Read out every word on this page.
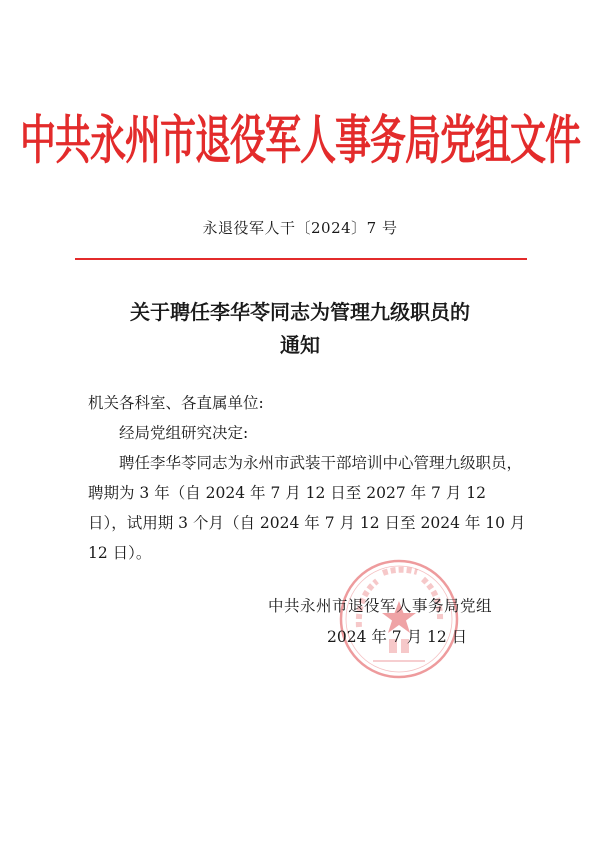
中共永州市退役军人事务局党组文件
永退役军人干〔2024〕7 号
关于聘任李华苓同志为管理九级职员的
通知

机关各科室、各直属单位:

经局党组研究决定:

聘任李华苓同志为永州市武装干部培训中心管理九级职员，聘期为 3 年（自 2024 年 7 月 12 日至 2027 年 7 月 12 日），试用期 3 个月（自 2024 年 7 月 12 日至 2024 年 10 月 12 日）。

中共永州市退役军人事务局党组
2024 年 7 月 12 日
